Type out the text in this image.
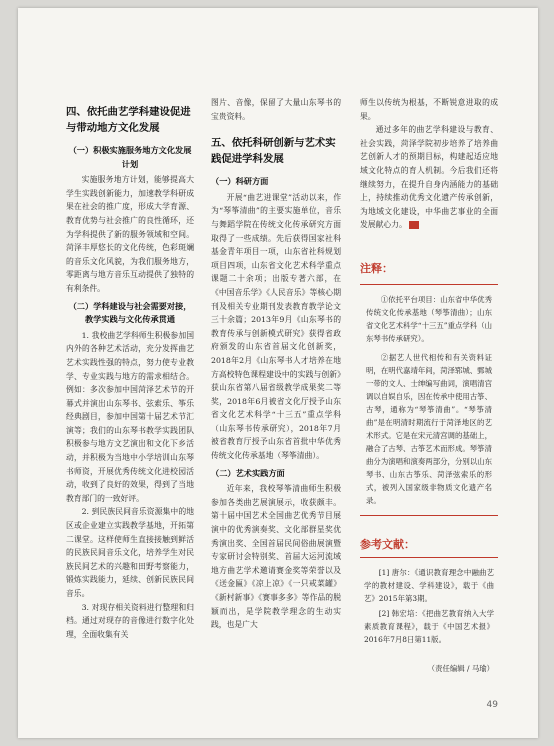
四、依托曲艺学科建设促进与带动地方文化发展
（一）积极实施服务地方文化发展计划

实施服务地方计划，能够提高大学生实践创新能力，加速教学科研成果在社会的推广度，形成大学育源、教育优势与社会推广的良性循环，还为学科提供了新的服务领域和空间。菏泽丰厚悠长的文化传统，色彩斑斓的音乐文化风貌，为我们服务地方，零距离与地方音乐互动提供了独特的有利条件。

（二）学科建设与社会需要对接，教学实践与文化传承贯通

1. 我校曲艺学科师生积极参加国内外的各种艺术活动，充分发挥曲艺艺术实践性强的特点，努力使专业教学、专业实践与地方的需求相结合。例如：多次参加中国菏泽艺术节的开幕式并演出山东琴书、弦索乐、筝乐经典剧目，参加中国第十届艺术节汇演等；我们的山东琴书教学实践团队积极参与地方文艺演出和文化下乡活动，并积极为当地中小学培训山东琴书师资，开展优秀传统文化进校园活动，收到了良好的效果，得到了当地教育部门的一致好评。

2. 到民族民间音乐资源集中的地区或企业建立实践教学基地，开拓第二课堂。这样使师生直接接触到鲜活的民族民间音乐文化，培养学生对民族民间艺术的兴趣和田野考察能力，锻炼实践能力，延续、创新民族民间音乐。

3. 对现存相关资料进行整理和归档。通过对现存的音像进行数字化处理，全面收集有关

图片、音像，保留了大量山东琴书的宝贵资料。

五、依托科研创新与艺术实践促进学科发展
（一）科研方面

开展“曲艺进课堂”活动以来，作为“琴筝清曲”的主要实施单位，音乐与舞蹈学院在传统文化传承研究方面取得了一些成绩。先后获得国家社科基金青年项目一项，山东省社科规划项目四项，山东省文化艺术科学重点课题二十余项；出版专著六部，在《中国音乐学》《人民音乐》等核心期刊及相关专业期刊发表教育教学论文三十余篇；2013年9月《山东琴书的教育传承与创新模式研究》获得省政府颁发的山东省首届文化创新奖，2018年2月《山东琴书人才培养在地方高校特色课程建设中的实践与创新》获山东省第八届省级教学成果奖二等奖，2018年6月被省文化厅授予山东省文化艺术科学“十三五”重点学科（山东琴书传承研究），2018年7月被省教育厅授予山东省首批中华优秀传统文化传承基地（琴筝清曲）。

（二）艺术实践方面

近年来，我校琴筝清曲师生积极参加各类曲艺展演展示，收获颇丰。第十届中国艺术全国曲艺优秀节目展演中的优秀演奏奖、文化部群星奖优秀演出奖、全国首届民间俗曲展演暨专家研讨会特别奖、首届大运河流域地方曲艺学术邀请赛金奖等荣誉以及《送金匾》《凉上凉》《一只戒菜罐》《新村新事》《赛事多多》等作品的脱颖而出，是学院教学理念的生动实践，也是广大

师生以传统为根基，不断锐意进取的成果。

通过多年的曲艺学科建设与教育、社会实践，菏泽学院初步培养了培养曲艺创新人才的预期目标，构建起适应地域文化特点的育人机制。今后我们还将继续努力，在提升自身内涵能力的基础上，持续推动优秀文化遗产传承创新，为地域文化建设，中华曲艺事业的全面发展献心力。

注释：

①依托平台项目：山东省中华优秀传统文化传承基地（琴筝清曲）；山东省文化艺术科学“十三五”重点学科（山东琴书传承研究）。

②据艺人世代相传和有关资料证明，在明代嘉靖年间，菏泽郓城、鄄城一带的文人、士绅编写曲词，演唱清宫调以自娱自乐，因在传承中使用古筝、古琴，通称为“琴筝清曲”。“琴筝清曲”是在明清时期流行于菏泽地区的艺术形式。它是在宋元清宫调的基础上，融合了古琴、古筝艺术而形成。琴筝清曲分为演唱和演奏两部分，分别以山东琴书、山东古筝乐、菏泽弦索乐的形式，被列入国家级非物质文化遗产名录。

参考文献：

[1] 唐尔：《通识教育理念中融曲艺学的教材建设、学科建设》，载于《曲艺》2015年第3期。

[2] 韩宏培：《把曲艺教育纳入大学素质教育课程》，载于《中国艺术报》2016年7月8日第11版。

（责任编辑 / 马瑜）
49
